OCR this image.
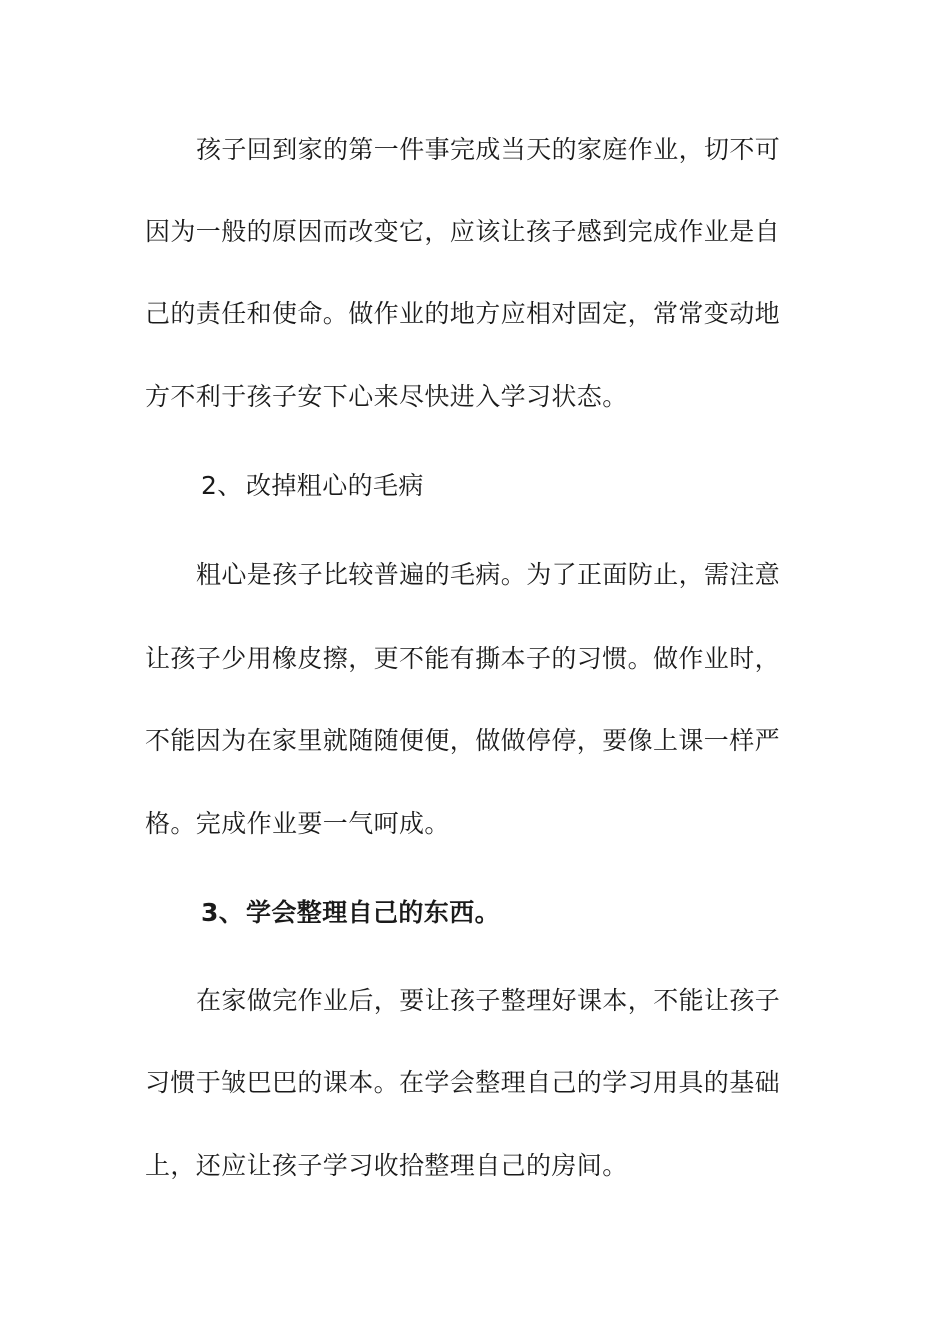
孩子回到家的第一件事完成当天的家庭作业，切不可
因为一般的原因而改变它，应该让孩子感到完成作业是自
己的责任和使命。做作业的地方应相对固定，常常变动地
方不利于孩子安下心来尽快进入学习状态。
2、 改掉粗心的毛病
粗心是孩子比较普遍的毛病。为了正面防止，需注意
让孩子少用橡皮擦，更不能有撕本子的习惯。做作业时，
不能因为在家里就随随便便，做做停停，要像上课一样严
格。完成作业要一气呵成。
3、学会整理自己的东西。
在家做完作业后，要让孩子整理好课本，不能让孩子
习惯于皱巴巴的课本。在学会整理自己的学习用具的基础
上，还应让孩子学习收拾整理自己的房间。
